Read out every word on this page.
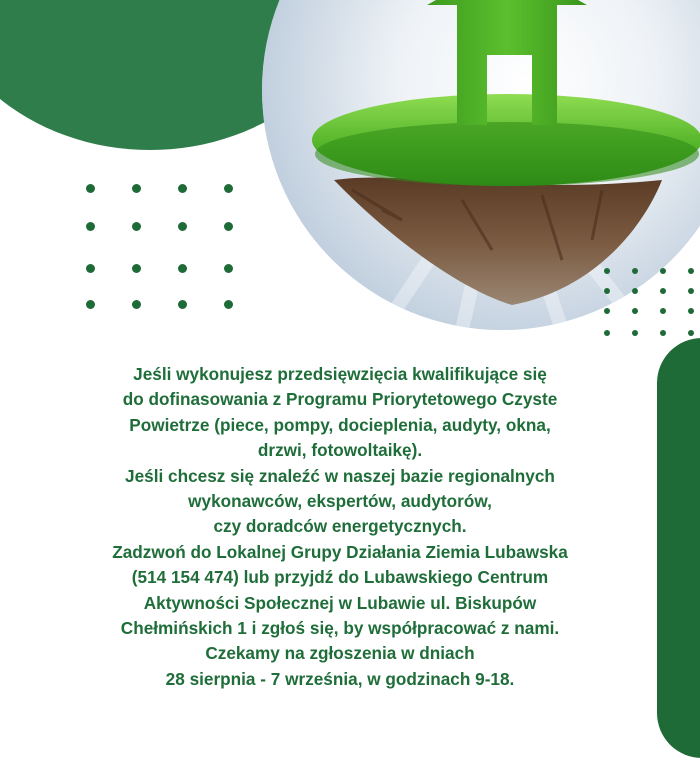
Jeśli wykonujesz przedsięwzięcia kwalifikujące się

do dofinasowania z Programu Priorytetowego Czyste

Powietrze (piece, pompy, docieplenia, audyty, okna,

drzwi, fotowoltaikę).

Jeśli chcesz się znaleźć w naszej bazie regionalnych

wykonawców, ekspertów, audytorów,

czy doradców energetycznych.

Zadzwoń do Lokalnej Grupy Działania Ziemia Lubawska

(514 154 474) lub przyjdź do Lubawskiego Centrum

Aktywności Społecznej w Lubawie ul. Biskupów

Chełmińskich 1 i zgłoś się, by współpracować z nami.

Czekamy na zgłoszenia w dniach

28 sierpnia - 7 września, w godzinach 9-18.
